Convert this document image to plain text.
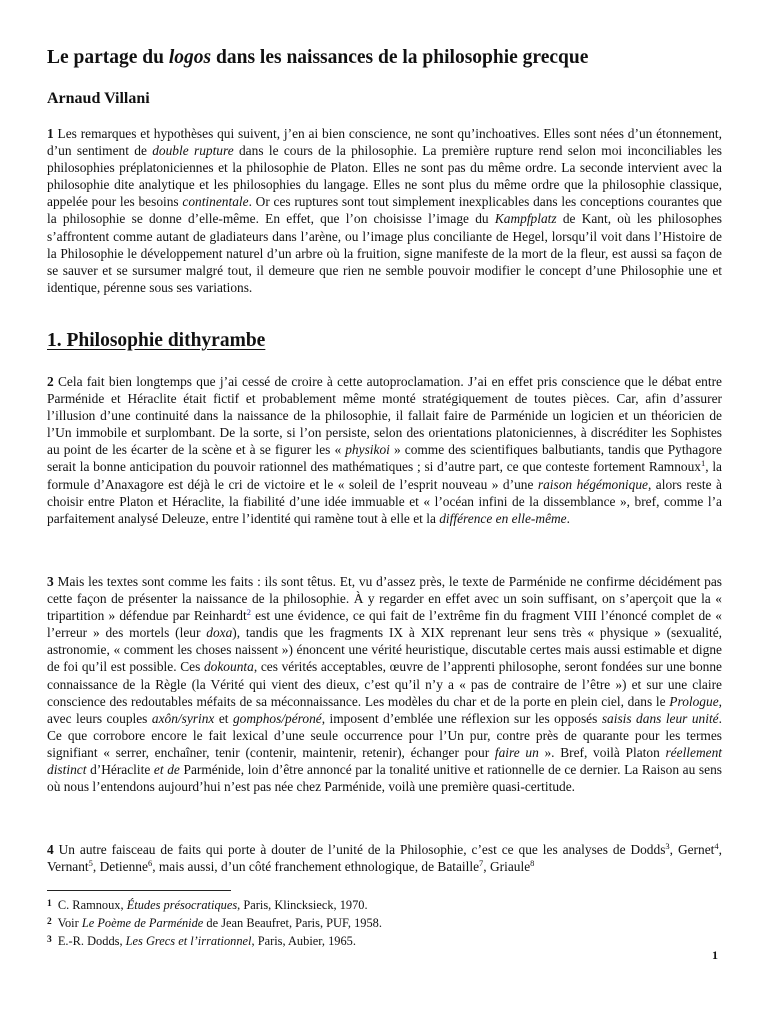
Le partage du logos dans les naissances de la philosophie grecque
Arnaud Villani
1 Les remarques et hypothèses qui suivent, j’en ai bien conscience, ne sont qu’inchoatives. Elles sont nées d’un étonnement, d’un sentiment de double rupture dans le cours de la philosophie. La première rupture rend selon moi inconciliables les philosophies préplatoniciennes et la philosophie de Platon. Elles ne sont pas du même ordre. La seconde intervient avec la philosophie dite analytique et les philosophies du langage. Elles ne sont plus du même ordre que la philosophie classique, appelée pour les besoins continentale. Or ces ruptures sont tout simplement inexplicables dans les conceptions courantes que la philosophie se donne d’elle-même. En effet, que l’on choisisse l’image du Kampfplatz de Kant, où les philosophes s’affrontent comme autant de gladiateurs dans l’arène, ou l’image plus conciliante de Hegel, lorsqu’il voit dans l’Histoire de la Philosophie le développement naturel d’un arbre où la fruition, signe manifeste de la mort de la fleur, est aussi sa façon de se sauver et se sursumer malgré tout, il demeure que rien ne semble pouvoir modifier le concept d’une Philosophie une et identique, pérenne sous ses variations.
1. Philosophie dithyrambe
2 Cela fait bien longtemps que j’ai cessé de croire à cette autoproclamation. J’ai en effet pris conscience que le débat entre Parménide et Héraclite était fictif et probablement même monté stratégiquement de toutes pièces. Car, afin d’assurer l’illusion d’une continuité dans la naissance de la philosophie, il fallait faire de Parménide un logicien et un théoricien de l’Un immobile et surplombant. De la sorte, si l’on persiste, selon des orientations platoniciennes, à discréditer les Sophistes au point de les écarter de la scène et à se figurer les « physikoi » comme des scientifiques balbutiants, tandis que Pythagore serait la bonne anticipation du pouvoir rationnel des mathématiques ; si d’autre part, ce que conteste fortement Ramnoux$^1$, la formule d’Anaxagore est déjà le cri de victoire et le « soleil de l’esprit nouveau » d’une raison hégémonique, alors reste à choisir entre Platon et Héraclite, la fiabilité d’une idée immuable et « l’océan infini de la dissemblance », bref, comme l’a parfaitement analysé Deleuze, entre l’identité qui ramène tout à elle et la différence en elle-même.
3 Mais les textes sont comme les faits : ils sont têtus. Et, vu d’assez près, le texte de Parménide ne confirme décidément pas cette façon de présenter la naissance de la philosophie. À y regarder en effet avec un soin suffisant, on s’aperçoit que la « tripartition » défendue par Reinhardt$^2$ est une évidence, ce qui fait de l’extrême fin du fragment VIII l’énoncé complet de « l’erreur » des mortels (leur doxa), tandis que les fragments IX à XIX reprenant leur sens très « physique » (sexualité, astronomie, « comment les choses naissent ») énoncent une vérité heuristique, discutable certes mais aussi estimable et digne de foi qu’il est possible. Ces dokounta, ces vérités acceptables, œuvre de l’apprenti philosophe, seront fondées sur une bonne connaissance de la Règle (la Vérité qui vient des dieux, c’est qu’il n’y a « pas de contraire de l’être ») et sur une claire conscience des redoutables méfaits de sa méconnaissance. Les modèles du char et de la porte en plein ciel, dans le Prologue, avec leurs couples axôn/syrinx et gomphos/péroné, imposent d’emblée une réflexion sur les opposés saisis dans leur unité. Ce que corrobore encore le fait lexical d’une seule occurrence pour l’Un pur, contre près de quarante pour les termes signifiant « serrer, enchaîner, tenir (contenir, maintenir, retenir), échanger pour faire un ». Bref, voilà Platon réellement distinct d’Héraclite et de Parménide, loin d’être annoncé par la tonalité unitive et rationnelle de ce dernier. La Raison au sens où nous l’entendons aujourd’hui n’est pas née chez Parménide, voilà une première quasi-certitude.
4 Un autre faisceau de faits qui porte à douter de l’unité de la Philosophie, c’est ce que les analyses de Dodds$^3$, Gernet$^4$, Vernant$^5$, Detienne$^6$, mais aussi, d’un côté franchement ethnologique, de Bataille$^7$, Griaule$^8$
$^1$ C. Ramnoux, Études présocratiques, Paris, Klincksieck, 1970.
$^2$ Voir Le Poème de Parménide de Jean Beaufret, Paris, PUF, 1958.
$^3$ E.-R. Dodds, Les Grecs et l’irrationnel, Paris, Aubier, 1965.
1
